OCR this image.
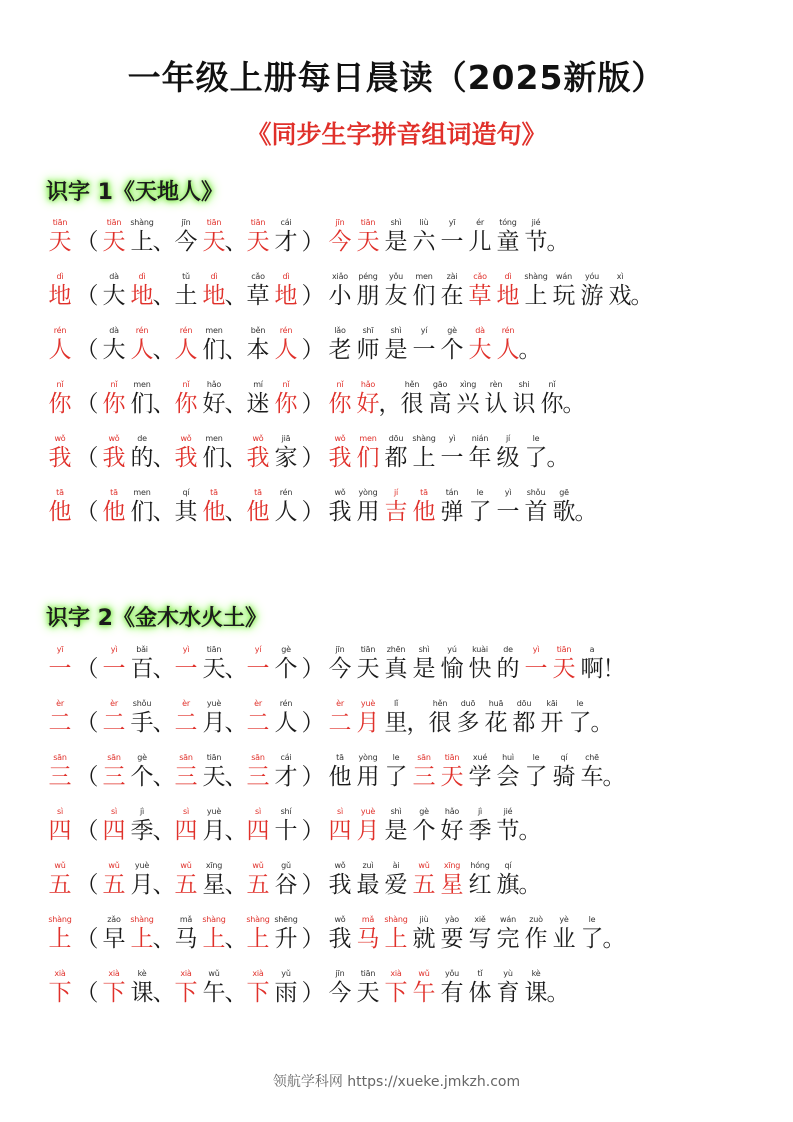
一年级上册每日晨读（2025新版）
《同步生字拼音组词造句》
识字 1《天地人》
tiān
天 （
tiān
天
shàng
上 、
jīn
今
tiān
天 、
tiān
天
cái
才 ）
jīn
今
tiān
天
shì
是
liù
六
yī
一
ér
儿
tóng
童
jié
节 。
dì
地 （
dà
大
dì
地 、
tǔ
土
dì
地 、
cǎo
草
dì
地 ）
xiǎo
小
péng
朋
yǒu
友
men
们
zài
在
cǎo
草
dì
地
shàng
上
wán
玩
yóu
游
xì
戏 。
rén
人 （
dà
大
rén
人 、
rén
人
men
们 、
běn
本
rén
人 ）
lǎo
老
shī
师
shì
是
yí
一
gè
个
dà
大
rén
人 。
nǐ
你 （
nǐ
你
men
们 、
nǐ
你
hǎo
好 、
mí
迷
nǐ
你 ）
nǐ
你
hǎo
好 ，
hěn
很
gāo
高
xìng
兴
rèn
认
shi
识
nǐ
你 。
wǒ
我 （
wǒ
我
de
的 、
wǒ
我
men
们 、
wǒ
我
jiā
家 ）
wǒ
我
men
们
dōu
都
shàng
上
yì
一
nián
年
jí
级
le
了 。
tā
他 （
tā
他
men
们 、
qí
其
tā
他 、
tā
他
rén
人 ）
wǒ
我
yòng
用
jí
吉
tā
他
tán
弹
le
了
yì
一
shǒu
首
gē
歌 。
识字 2《金木水火土》
yī
一 （
yì
一
bǎi
百 、
yì
一
tiān
天 、
yí
一
gè
个 ）
jīn
今
tiān
天
zhēn
真
shì
是
yú
愉
kuài
快
de
的
yì
一
tiān
天
a
啊 ！
èr
二 （
èr
二
shǒu
手 、
èr
二
yuè
月 、
èr
二
rén
人 ）
èr
二
yuè
月
lǐ
里 ，
hěn
很
duō
多
huā
花
dōu
都
kāi
开
le
了 。
sān
三 （
sān
三
gè
个 、
sān
三
tiān
天 、
sān
三
cái
才 ）
tā
他
yòng
用
le
了
sān
三
tiān
天
xué
学
huì
会
le
了
qí
骑
chē
车 。
sì
四 （
sì
四
jì
季 、
sì
四
yuè
月 、
sì
四
shí
十 ）
sì
四
yuè
月
shì
是
gè
个
hǎo
好
jì
季
jié
节 。
wǔ
五 （
wǔ
五
yuè
月 、
wǔ
五
xīng
星 、
wǔ
五
gǔ
谷 ）
wǒ
我
zuì
最
ài
爱
wǔ
五
xīng
星
hóng
红
qí
旗 。
shàng
上 （
zǎo
早
shàng
上 、
mǎ
马
shàng
上 、
shàng
上
shēng
升 ）
wǒ
我
mǎ
马
shàng
上
jiù
就
yào
要
xiě
写
wán
完
zuò
作
yè
业
le
了 。
xià
下 （
xià
下
kè
课 、
xià
下
wǔ
午 、
xià
下
yǔ
雨 ）
jīn
今
tiān
天
xià
下
wǔ
午
yǒu
有
tǐ
体
yù
育
kè
课 。
领航学科网 https://xueke.jmkzh.com
